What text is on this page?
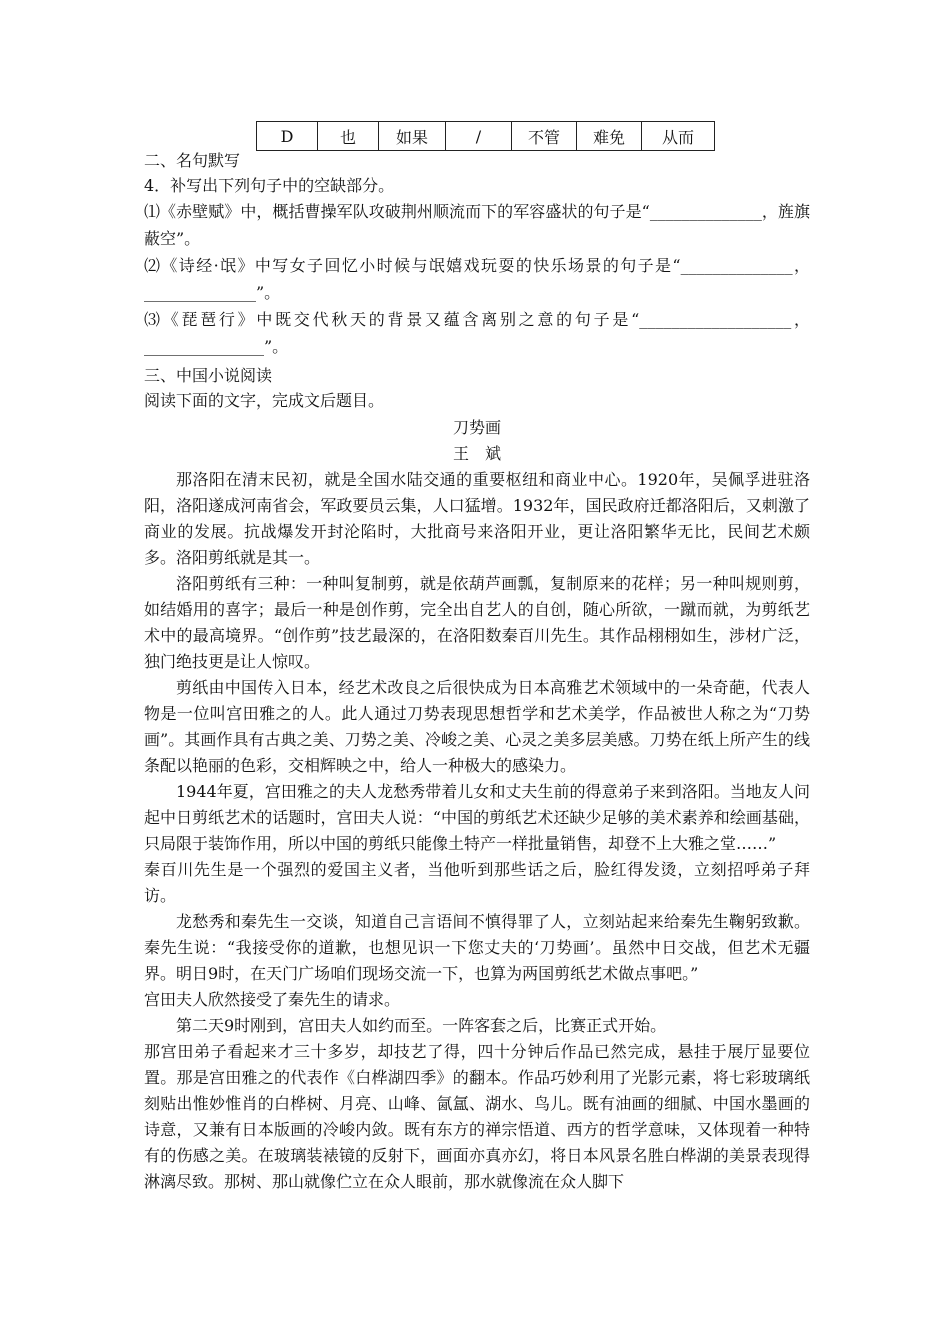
D	也	如果	/	不管	难免	从而
二、名句默写
4．补写出下列句子中的空缺部分。

⑴《赤壁赋》中，概括曹操军队攻破荆州顺流而下的军容盛状的句子是“______________，旌旗蔽空”。

⑵《诗经·氓》中写女子回忆小时候与氓嬉戏玩耍的快乐场景的句子是“______________，______________”。

⑶《琵琶行》中既交代秋天的背景又蕴含离别之意的句子是“___________________，_______________”。

三、中国小说阅读
阅读下面的文字，完成文后题目。
刀势画
王　斌

那洛阳在清末民初，就是全国水陆交通的重要枢纽和商业中心。1920年，吴佩孚进驻洛阳，洛阳遂成河南省会，军政要员云集，人口猛增。1932年，国民政府迁都洛阳后，又刺激了商业的发展。抗战爆发开封沦陷时，大批商号来洛阳开业，更让洛阳繁华无比，民间艺术颇多。洛阳剪纸就是其一。

洛阳剪纸有三种：一种叫复制剪，就是依葫芦画瓢，复制原来的花样；另一种叫规则剪，如结婚用的喜字；最后一种是创作剪，完全出自艺人的自创，随心所欲，一蹴而就，为剪纸艺术中的最高境界。“创作剪”技艺最深的，在洛阳数秦百川先生。其作品栩栩如生，涉材广泛，独门绝技更是让人惊叹。

剪纸由中国传入日本，经艺术改良之后很快成为日本高雅艺术领域中的一朵奇葩，代表人物是一位叫宫田雅之的人。此人通过刀势表现思想哲学和艺术美学，作品被世人称之为“刀势画”。其画作具有古典之美、刀势之美、冷峻之美、心灵之美多层美感。刀势在纸上所产生的线条配以艳丽的色彩，交相辉映之中，给人一种极大的感染力。

1944年夏，宫田雅之的夫人龙愁秀带着儿女和丈夫生前的得意弟子来到洛阳。当地友人问起中日剪纸艺术的话题时，宫田夫人说：“中国的剪纸艺术还缺少足够的美术素养和绘画基础，只局限于装饰作用，所以中国的剪纸只能像土特产一样批量销售，却登不上大雅之堂……”

秦百川先生是一个强烈的爱国主义者，当他听到那些话之后，脸红得发烫，立刻招呼弟子拜访。

龙愁秀和秦先生一交谈，知道自己言语间不慎得罪了人，立刻站起来给秦先生鞠躬致歉。秦先生说：“我接受你的道歉，也想见识一下您丈夫的‘刀势画’。虽然中日交战，但艺术无疆界。明日9时，在天门广场咱们现场交流一下，也算为两国剪纸艺术做点事吧。”

宫田夫人欣然接受了秦先生的请求。

第二天9时刚到，宫田夫人如约而至。一阵客套之后，比赛正式开始。

那宫田弟子看起来才三十多岁，却技艺了得，四十分钟后作品已然完成，悬挂于展厅显要位置。那是宫田雅之的代表作《白桦湖四季》的翻本。作品巧妙利用了光影元素，将七彩玻璃纸刻贴出惟妙惟肖的白桦树、月亮、山峰、氤氲、湖水、鸟儿。既有油画的细腻、中国水墨画的诗意，又兼有日本版画的冷峻内敛。既有东方的禅宗悟道、西方的哲学意味，又体现着一种特有的伤感之美。在玻璃装裱镜的反射下，画面亦真亦幻，将日本风景名胜白桦湖的美景表现得淋漓尽致。那树、那山就像伫立在众人眼前，那水就像流在众人脚下
